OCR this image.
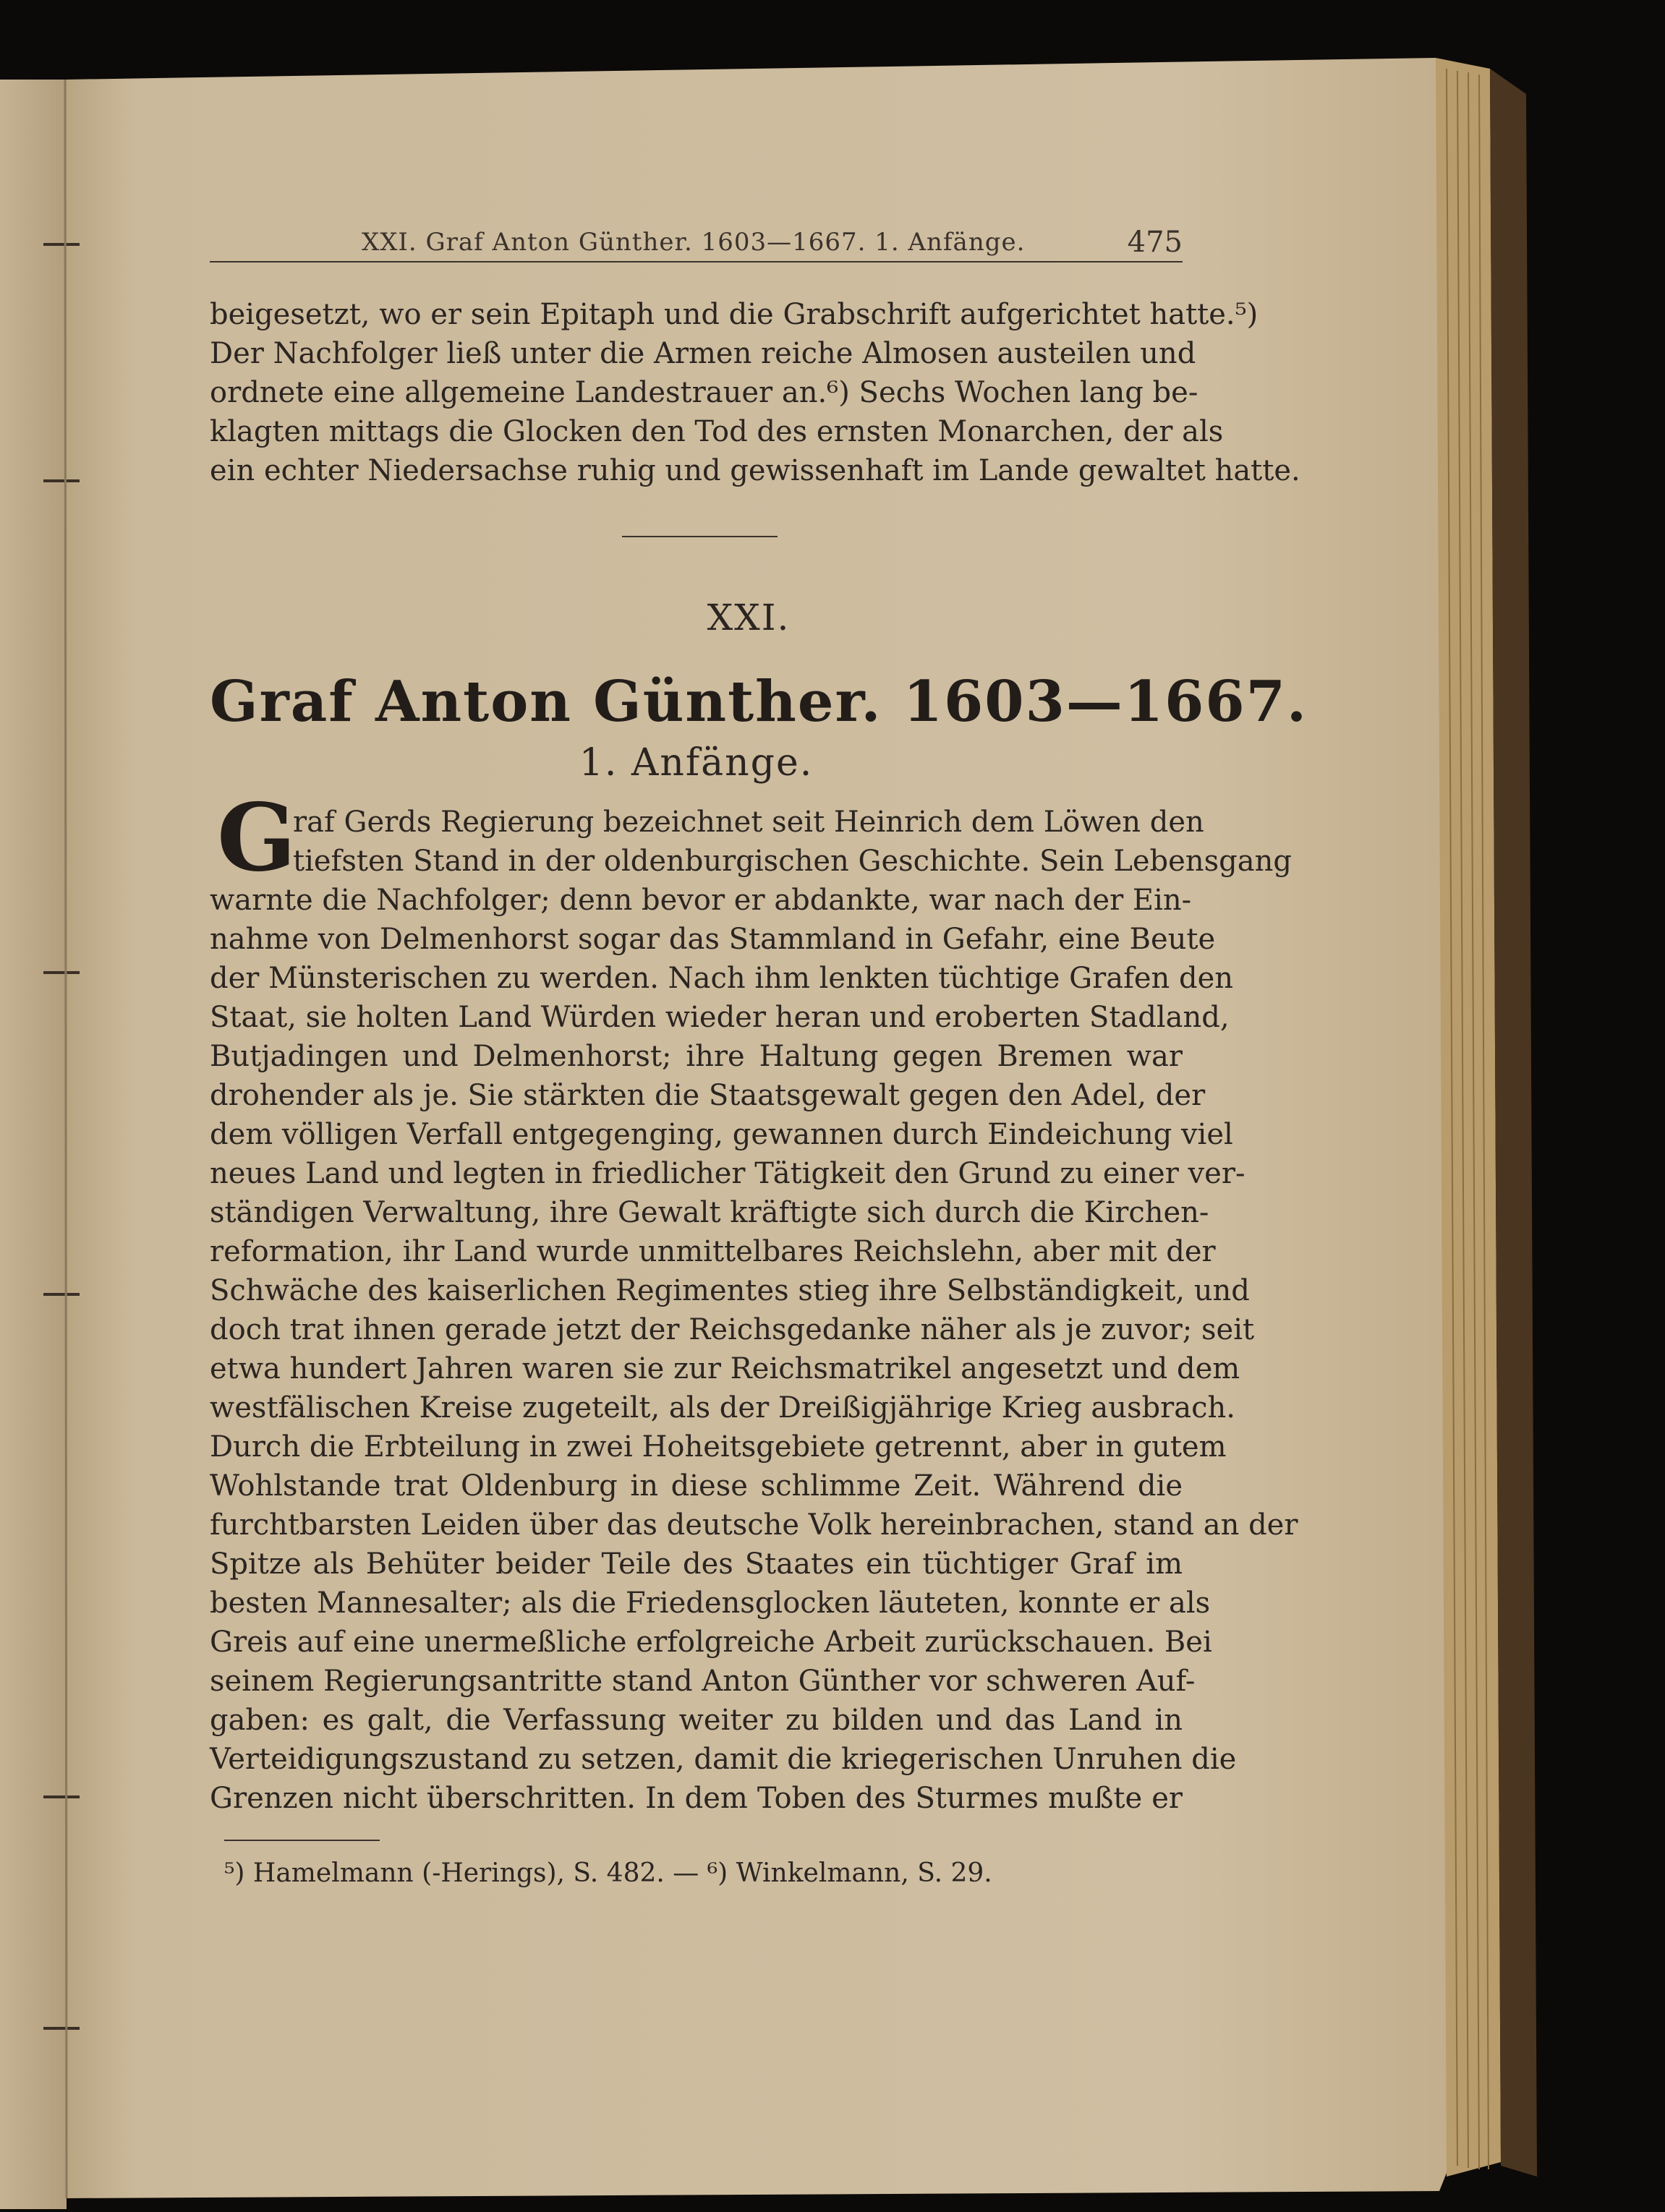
XXI. Graf Anton Günther. 1603—1667. 1. Anfänge.	475
beigesetzt, wo er sein Epitaph und die Grabschrift aufgerichtet hatte.⁵)
Der Nachfolger ließ unter die Armen reiche Almosen austeilen und
ordnete eine allgemeine Landestrauer an.⁶) Sechs Wochen lang be-
klagten mittags die Glocken den Tod des ernsten Monarchen, der als
ein echter Niedersachse ruhig und gewissenhaft im Lande gewaltet hatte.
XXI.
Graf Anton Günther. 1603—1667.
1. Anfänge.
G
raf Gerds Regierung bezeichnet seit Heinrich dem Löwen den
tiefsten Stand in der oldenburgischen Geschichte. Sein Lebensgang
warnte die Nachfolger; denn bevor er abdankte, war nach der Ein-
nahme von Delmenhorst sogar das Stammland in Gefahr, eine Beute
der Münsterischen zu werden. Nach ihm lenkten tüchtige Grafen den
Staat, sie holten Land Würden wieder heran und eroberten Stadland,
Butjadingen und Delmenhorst; ihre Haltung gegen Bremen war
drohender als je. Sie stärkten die Staatsgewalt gegen den Adel, der
dem völligen Verfall entgegenging, gewannen durch Eindeichung viel
neues Land und legten in friedlicher Tätigkeit den Grund zu einer ver-
ständigen Verwaltung, ihre Gewalt kräftigte sich durch die Kirchen-
reformation, ihr Land wurde unmittelbares Reichslehn, aber mit der
Schwäche des kaiserlichen Regimentes stieg ihre Selbständigkeit, und
doch trat ihnen gerade jetzt der Reichsgedanke näher als je zuvor; seit
etwa hundert Jahren waren sie zur Reichsmatrikel angesetzt und dem
westfälischen Kreise zugeteilt, als der Dreißigjährige Krieg ausbrach.
Durch die Erbteilung in zwei Hoheitsgebiete getrennt, aber in gutem
Wohlstande trat Oldenburg in diese schlimme Zeit. Während die
furchtbarsten Leiden über das deutsche Volk hereinbrachen, stand an der
Spitze als Behüter beider Teile des Staates ein tüchtiger Graf im
besten Mannesalter; als die Friedensglocken läuteten, konnte er als
Greis auf eine unermeßliche erfolgreiche Arbeit zurückschauen. Bei
seinem Regierungsantritte stand Anton Günther vor schweren Auf-
gaben: es galt, die Verfassung weiter zu bilden und das Land in
Verteidigungszustand zu setzen, damit die kriegerischen Unruhen die
Grenzen nicht überschritten. In dem Toben des Sturmes mußte er
⁵) Hamelmann (-Herings), S. 482. — ⁶) Winkelmann, S. 29.
